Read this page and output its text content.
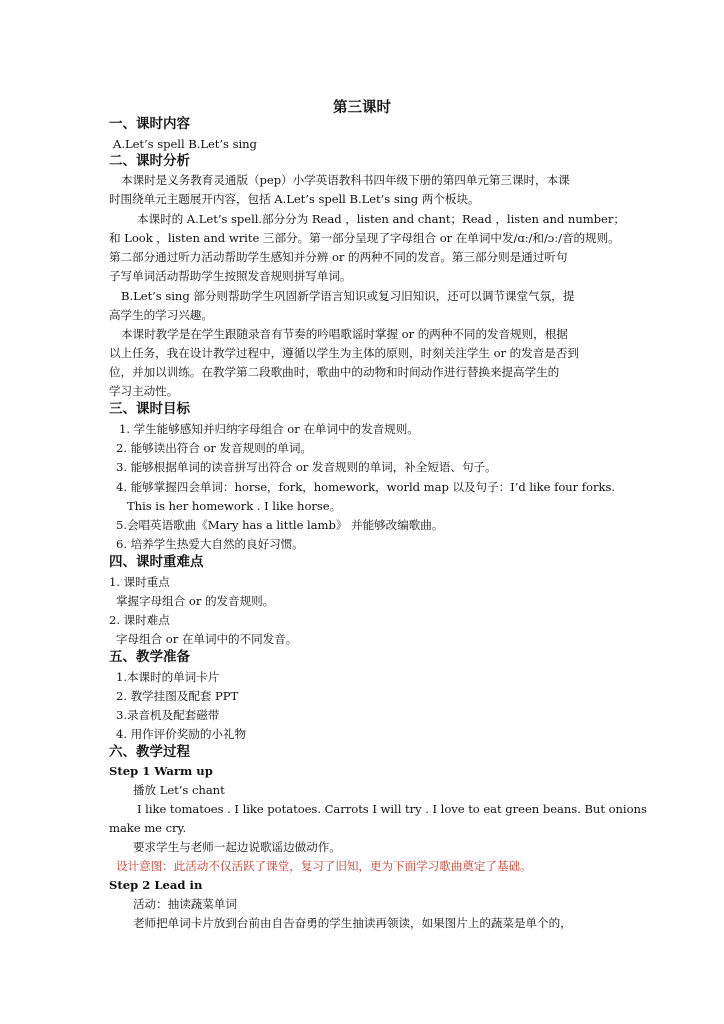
第三课时
一、课时内容
A.Let’s spell B.Let’s sing
二、课时分析
本课时是义务教育灵通版（pep）小学英语教科书四年级下册的第四单元第三课时，本课
时围绕单元主题展开内容，包括 A.Let’s spell B.Let’s sing 两个板块。
本课时的 A.Let’s spell.部分分为 Read ，listen and chant；Read ，listen and number；
和 Look ，listen and write 三部分。第一部分呈现了字母组合 or 在单词中发/ɑː/和/ɔː/音的规则。
第二部分通过听力活动帮助学生感知并分辨 or 的两种不同的发音。第三部分则是通过听句
子写单词活动帮助学生按照发音规则拼写单词。
B.Let’s sing 部分则帮助学生巩固新学语言知识或复习旧知识，还可以调节课堂气氛，提
高学生的学习兴趣。
本课时教学是在学生跟随录音有节奏的吟唱歌谣时掌握 or 的两种不同的发音规则，根据
以上任务，我在设计教学过程中，遵循以学生为主体的原则，时刻关注学生 or 的发音是否到
位，并加以训练。在教学第二段歌曲时，歌曲中的动物和时间动作进行替换来提高学生的
学习主动性。
三、课时目标
1. 学生能够感知并归纳字母组合 or 在单词中的发音规则。
2. 能够读出符合 or 发音规则的单词。
3. 能够根据单词的读音拼写出符合 or 发音规则的单词，补全短语、句子。
4. 能够掌握四会单词：horse，fork，homework，world map 以及句子：I’d like four forks.
This is her homework . I like horse。
5.会唱英语歌曲《Mary has a little lamb》 并能够改编歌曲。
6. 培养学生热爱大自然的良好习惯。
四、课时重难点
1. 课时重点
掌握字母组合 or 的发音规则。
2. 课时难点
字母组合 or 在单词中的不同发音。
五、教学准备
1.本课时的单词卡片
2. 教学挂图及配套 PPT
3.录音机及配套磁带
4. 用作评价奖励的小礼物
六、教学过程
Step 1 Warm up
播放 Let’s chant
I like tomatoes . I like potatoes. Carrots I will try . I love to eat green beans. But onions
make me cry.
要求学生与老师一起边说歌谣边做动作。
设计意图：此活动不仅活跃了课堂，复习了旧知，更为下面学习歌曲奠定了基础。
Step 2 Lead in
活动：抽读蔬菜单词
老师把单词卡片放到台前由自告奋勇的学生抽读再领读，如果图片上的蔬菜是单个的，
